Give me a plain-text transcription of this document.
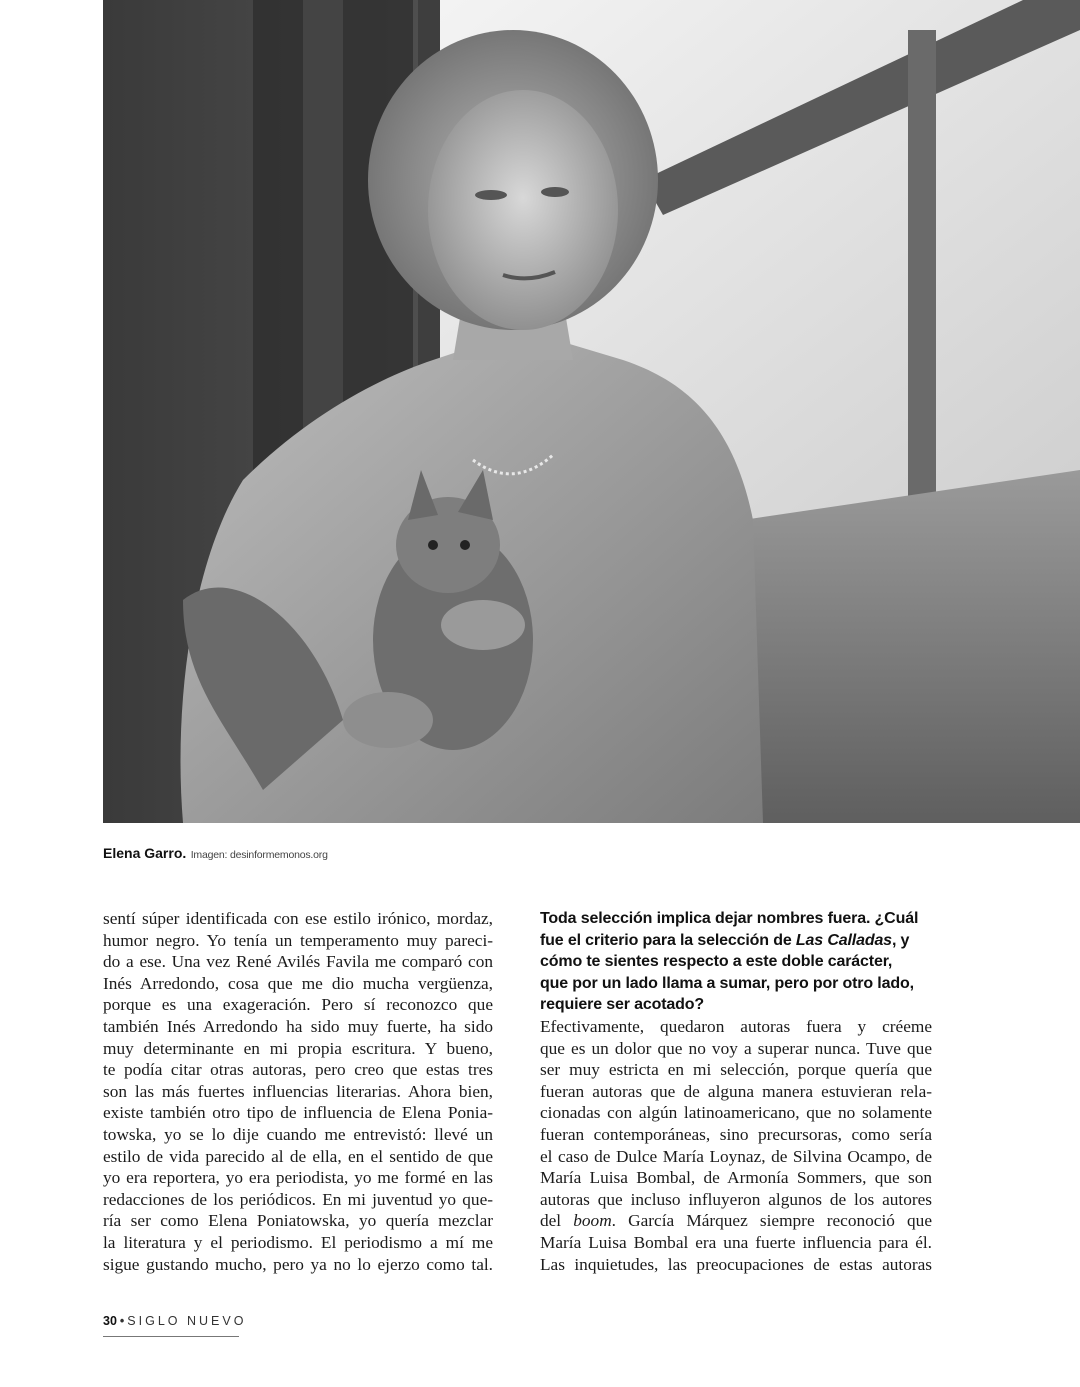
Elena Garro. Imagen: desinformemonos.org
sentí súper identificada con ese estilo irónico, mordaz,
humor negro. Yo tenía un temperamento muy pareci-
do a ese. Una vez René Avilés Favila me comparó con
Inés Arredondo, cosa que me dio mucha vergüenza,
porque es una exageración. Pero sí reconozco que
también Inés Arredondo ha sido muy fuerte, ha sido
muy determinante en mi propia escritura. Y bueno,
te podía citar otras autoras, pero creo que estas tres
son las más fuertes influencias literarias. Ahora bien,
existe también otro tipo de influencia de Elena Ponia-
towska, yo se lo dije cuando me entrevistó: llevé un
estilo de vida parecido al de ella, en el sentido de que
yo era reportera, yo era periodista, yo me formé en las
redacciones de los periódicos. En mi juventud yo que-
ría ser como Elena Poniatowska, yo quería mezclar
la literatura y el periodismo. El periodismo a mí me
sigue gustando mucho, pero ya no lo ejerzo como tal.
Toda selección implica dejar nombres fuera. ¿Cuál
fue el criterio para la selección de Las Calladas, y
cómo te sientes respecto a este doble carácter,
que por un lado llama a sumar, pero por otro lado,
requiere ser acotado?
Efectivamente, quedaron autoras fuera y créeme
que es un dolor que no voy a superar nunca. Tuve que
ser muy estricta en mi selección, porque quería que
fueran autoras que de alguna manera estuvieran rela-
cionadas con algún latinoamericano, que no solamente
fueran contemporáneas, sino precursoras, como sería
el caso de Dulce María Loynaz, de Silvina Ocampo, de
María Luisa Bombal, de Armonía Sommers, que son
autoras que incluso influyeron algunos de los autores
del boom. García Márquez siempre reconoció que
María Luisa Bombal era una fuerte influencia para él.
Las inquietudes, las preocupaciones de estas autoras
30 • SIGLO NUEVO
